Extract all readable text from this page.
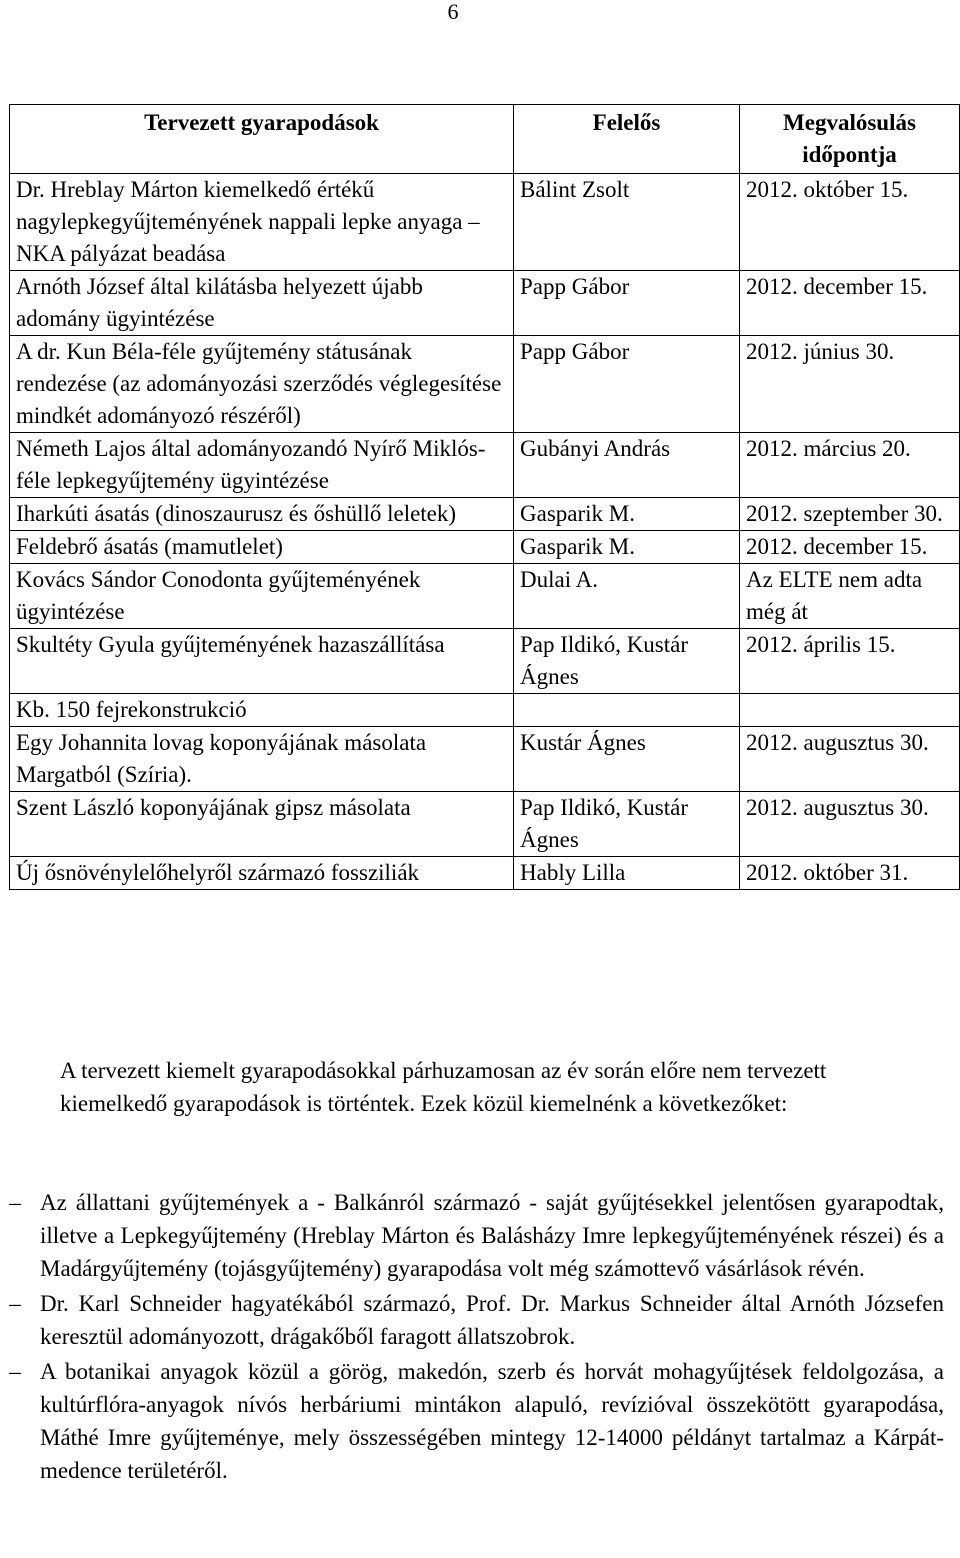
6
Tervezett gyarapodások	Felelős	Megvalósulás időpontja
Dr. Hreblay Márton kiemelkedő értékű nagylepkegyűjteményének nappali lepke anyaga – NKA pályázat beadása	Bálint Zsolt	2012. október 15.
Arnóth József által kilátásba helyezett újabb adomány ügyintézése	Papp Gábor	2012. december 15.
A dr. Kun Béla-féle gyűjtemény státusának rendezése (az adományozási szerződés véglegesítése mindkét adományozó részéről)	Papp Gábor	2012. június 30.
Németh Lajos által adományozandó Nyírő Miklós-féle lepkegyűjtemény ügyintézése	Gubányi András	2012. március 20.
Iharkúti ásatás (dinoszaurusz és őshüllő leletek)	Gasparik M.	2012. szeptember 30.
Feldebrő ásatás (mamutlelet)	Gasparik M.	2012. december 15.
Kovács Sándor Conodonta gyűjteményének ügyintézése	Dulai A.	Az ELTE nem adta még át
Skultéty Gyula gyűjteményének hazaszállítása	Pap Ildikó, Kustár Ágnes	2012. április 15.
Kb. 150 fejrekonstrukció		
Egy Johannita lovag koponyájának másolata Margatból (Szíria).	Kustár Ágnes	2012. augusztus 30.
Szent László koponyájának gipsz másolata	Pap Ildikó, Kustár Ágnes	2012. augusztus 30.
Új ősnövénylelőhelyről származó fossziliák	Hably Lilla	2012. október 31.

A tervezett kiemelt gyarapodásokkal párhuzamosan az év során előre nem tervezett kiemelkedő gyarapodások is történtek. Ezek közül kiemelnénk a következőket:

– Az állattani gyűjtemények a - Balkánról származó - saját gyűjtésekkel jelentősen gyarapodtak, illetve a Lepkegyűjtemény (Hreblay Márton és Balásházy Imre lepkegyűjteményének részei) és a Madárgyűjtemény (tojásgyűjtemény) gyarapodása volt még számottevő vásárlások révén.
– Dr. Karl Schneider hagyatékából származó, Prof. Dr. Markus Schneider által Arnóth Józsefen keresztül adományozott, drágakőből faragott állatszobrok.
– A botanikai anyagok közül a görög, makedón, szerb és horvát mohagyűjtések feldolgozása, a kultúrflóra-anyagok nívós herbáriumi mintákon alapuló, revízióval összekötött gyarapodása, Máthé Imre gyűjteménye, mely összességében mintegy 12-14000 példányt tartalmaz a Kárpát-medence területéről.
